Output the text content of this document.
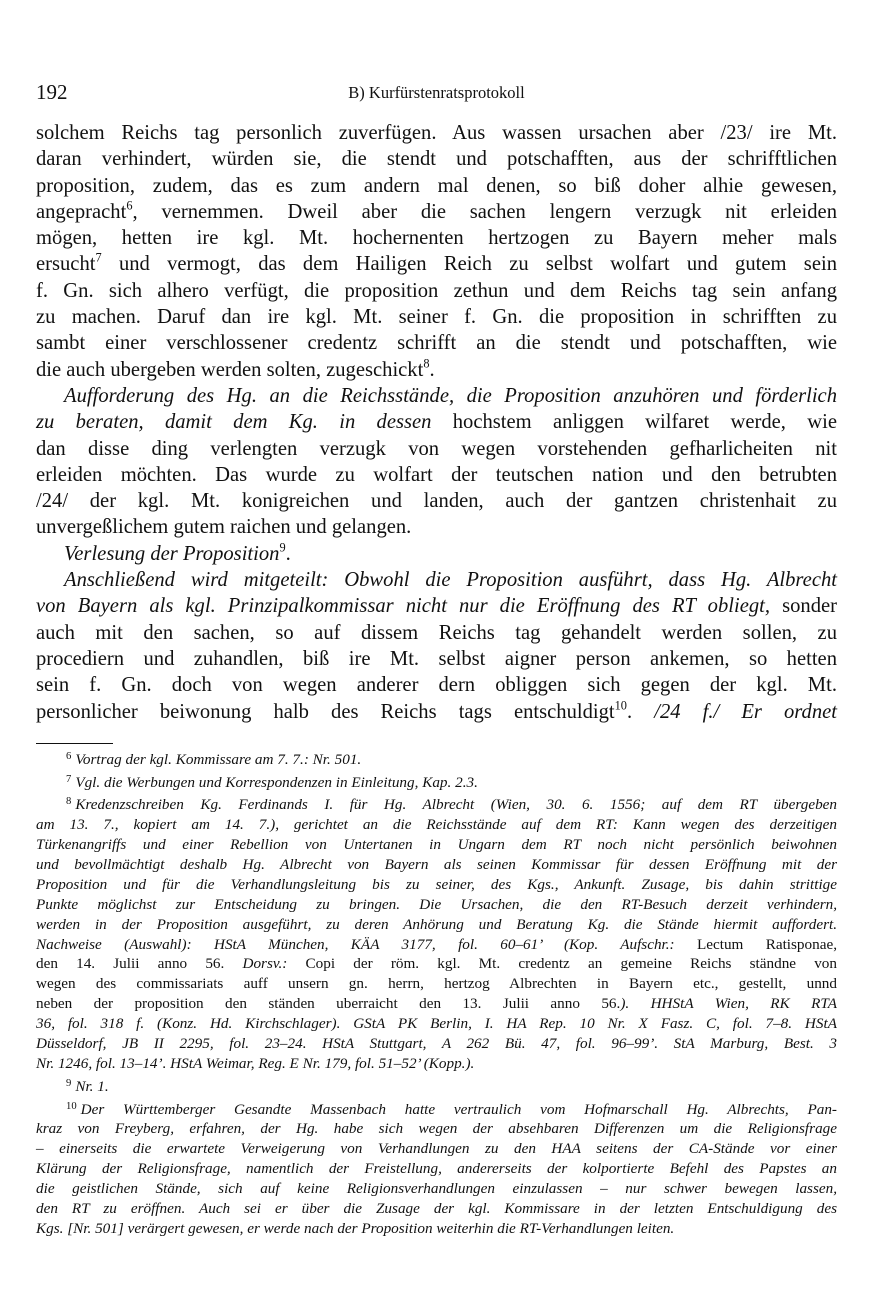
192	B) Kurfürstenratsprotokoll

solchem Reichs tag personlich zuverfügen. Aus wassen ursachen aber /23/ ire Mt.
daran verhindert, würden sie, die stendt und potschafften, aus der schrifftlichen
proposition, zudem, das es zum andern mal denen, so biß doher alhie gewesen,
angepracht$^6$, vernemmen. Dweil aber die sachen lengern verzugk nit erleiden
mögen, hetten ire kgl. Mt. hochernenten hertzogen zu Bayern meher mals
ersucht$^7$ und vermogt, das dem Hailigen Reich zu selbst wolfart und gutem sein
f. Gn. sich alhero verfügt, die proposition zethun und dem Reichs tag sein anfang
zu machen. Daruf dan ire kgl. Mt. seiner f. Gn. die proposition in schrifften zu
sambt einer verschlossener credentz schrifft an die stendt und potschafften, wie
die auch ubergeben werden solten, zugeschickt$^8$.

Aufforderung des Hg. an die Reichsstände, die Proposition anzuhören und förderlich
zu beraten, damit dem Kg. in dessen hochstem anliggen wilfaret werde, wie
dan disse ding verlengten verzugk von wegen vorstehenden gefharlicheiten nit
erleiden möchten. Das wurde zu wolfart der teutschen nation und den betrubten
/24/ der kgl. Mt. konigreichen und landen, auch der gantzen christenhait zu
unvergeßlichem gutem raichen und gelangen.

Verlesung der Proposition$^9$.

Anschließend wird mitgeteilt: Obwohl die Proposition ausführt, dass Hg. Albrecht
von Bayern als kgl. Prinzipalkommissar nicht nur die Eröffnung des RT obliegt, sonder
auch mit den sachen, so auf dissem Reichs tag gehandelt werden sollen, zu
procediern und zuhandlen, biß ire Mt. selbst aigner person ankemen, so hetten
sein f. Gn. doch von wegen anderer dern obliggen sich gegen der kgl. Mt.
personlicher beiwonung halb des Reichs tags entschuldigt$^{10}$. /24 f./ Er ordnet

6 Vortrag der kgl. Kommissare am 7. 7.: Nr. 501.
7 Vgl. die Werbungen und Korrespondenzen in Einleitung, Kap. 2.3.
8 Kredenzschreiben Kg. Ferdinands I. für Hg. Albrecht (Wien, 30. 6. 1556; auf dem RT übergeben
am 13. 7., kopiert am 14. 7.), gerichtet an die Reichsstände auf dem RT: Kann wegen des derzeitigen
Türkenangriffs und einer Rebellion von Untertanen in Ungarn dem RT noch nicht persönlich beiwohnen
und bevollmächtigt deshalb Hg. Albrecht von Bayern als seinen Kommissar für dessen Eröffnung mit der
Proposition und für die Verhandlungsleitung bis zu seiner, des Kgs., Ankunft. Zusage, bis dahin strittige
Punkte möglichst zur Entscheidung zu bringen. Die Ursachen, die den RT-Besuch derzeit verhindern,
werden in der Proposition ausgeführt, zu deren Anhörung und Beratung Kg. die Stände hiermit auffordert.
Nachweise (Auswahl): HStA München, KÄA 3177, fol. 60–61’ (Kop. Aufschr.: Lectum Ratisponae,
den 14. Julii anno 56. Dorsv.: Copi der röm. kgl. Mt. credentz an gemeine Reichs ständne von
wegen des commissariats auff unsern gn. herrn, hertzog Albrechten in Bayern etc., gestellt, unnd
neben der proposition den ständen uberraicht den 13. Julii anno 56.). HHStA Wien, RK RTA
36, fol. 318 f. (Konz. Hd. Kirchschlager). GStA PK Berlin, I. HA Rep. 10 Nr. X Fasz. C, fol. 7–8. HStA
Düsseldorf, JB II 2295, fol. 23–24. HStA Stuttgart, A 262 Bü. 47, fol. 96–99’. StA Marburg, Best. 3
Nr. 1246, fol. 13–14’. HStA Weimar, Reg. E Nr. 179, fol. 51–52’ (Kopp.).
9 Nr. 1.
10 Der Württemberger Gesandte Massenbach hatte vertraulich vom Hofmarschall Hg. Albrechts, Pan-
kraz von Freyberg, erfahren, der Hg. habe sich wegen der absehbaren Differenzen um die Religionsfrage
– einerseits die erwartete Verweigerung von Verhandlungen zu den HAA seitens der CA-Stände vor einer
Klärung der Religionsfrage, namentlich der Freistellung, andererseits der kolportierte Befehl des Papstes an
die geistlichen Stände, sich auf keine Religionsverhandlungen einzulassen – nur schwer bewegen lassen,
den RT zu eröffnen. Auch sei er über die Zusage der kgl. Kommissare in der letzten Entschuldigung des
Kgs. [Nr. 501] verärgert gewesen, er werde nach der Proposition weiterhin die RT-Verhandlungen leiten.
